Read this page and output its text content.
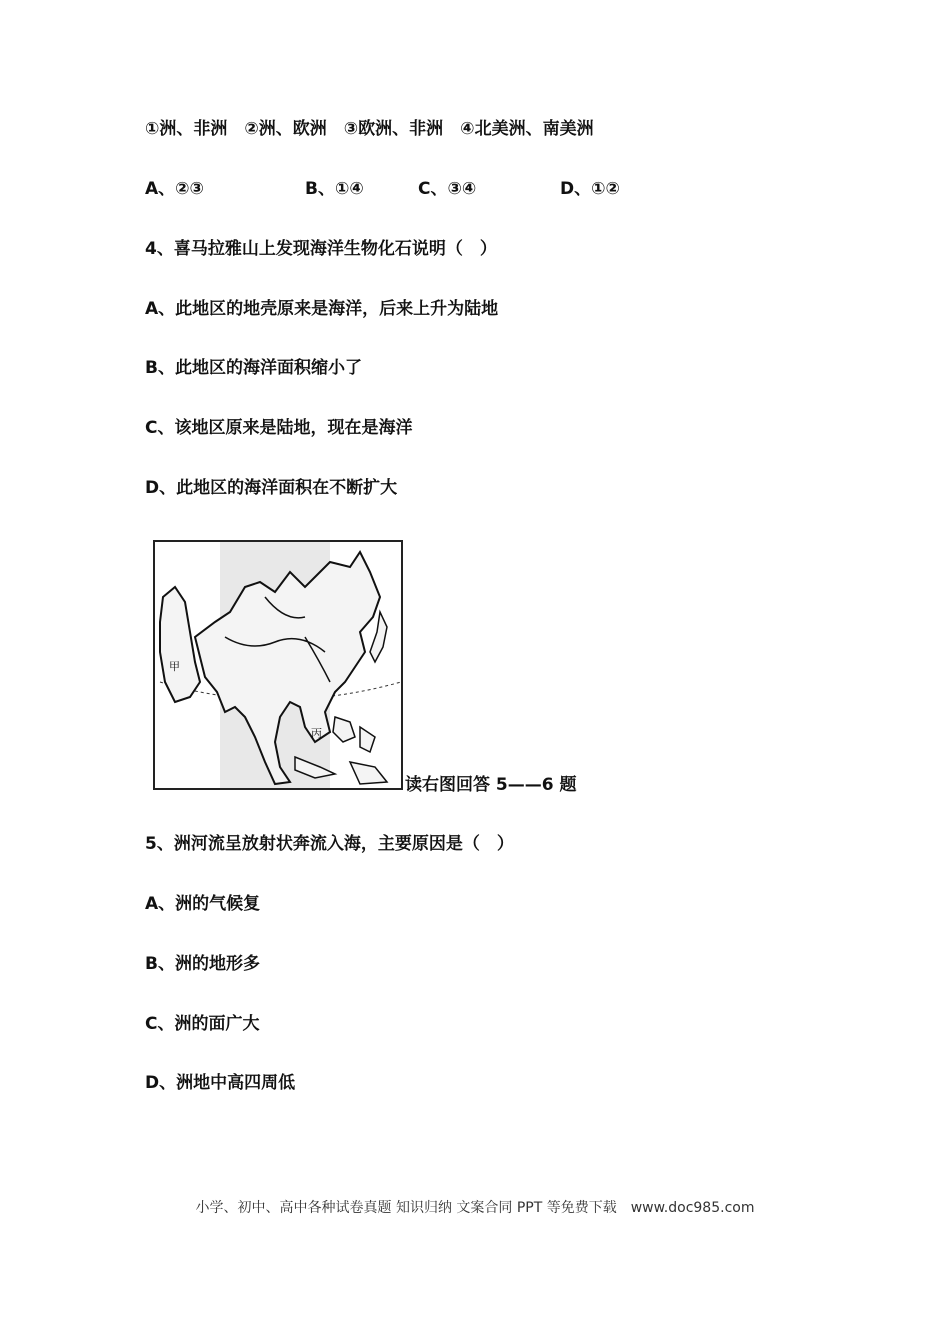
①洲、非洲　②洲、欧洲　③欧洲、非洲　④北美洲、南美洲
A、②③	B、①④	C、③④	D、①②
4、喜马拉雅山上发现海洋生物化石说明（　）
A、此地区的地壳原来是海洋，后来上升为陆地
B、此地区的海洋面积缩小了
C、该地区原来是陆地，现在是海洋
D、此地区的海洋面积在不断扩大
甲
丙
读右图回答 5——6 题
5、洲河流呈放射状奔流入海，主要原因是（　）
A、洲的气候复
B、洲的地形多
C、洲的面广大
D、洲地中高四周低
小学、初中、高中各种试卷真题 知识归纳 文案合同 PPT 等免费下载　www.doc985.com
